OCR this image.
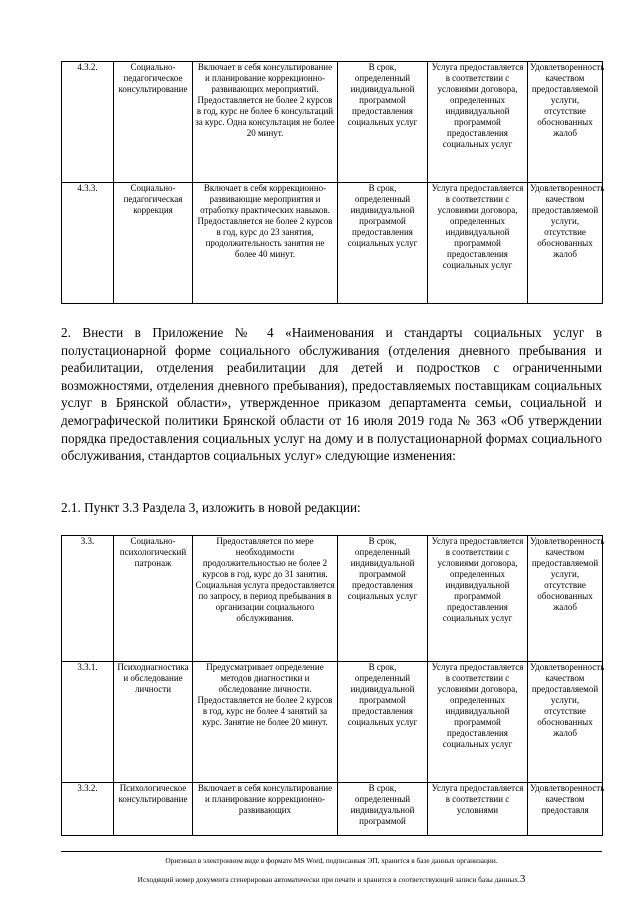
4.3.2.	Социально-педагогическое консультирование	Включает в себя консультирование и планирование коррекционно-развивающих мероприятий. Предоставляется не более 2 курсов в год, курс не более 6 консультаций за курс. Одна консультация не более 20 минут.	В срок, определенный индивидуальной программой предоставления социальных услуг	Услуга предоставляется в соответствии с условиями договора, определенных индивидуальной программой предоставления социальных услуг	Удовлетворенность качеством предоставляемой услуги, отсутствие обоснованных жалоб
4.3.3.	Социально-педагогическая коррекция	Включает в себя коррекционно-развивающие мероприятия и отработку практических навыков. Предоставляется не более 2 курсов в год, курс до 23 занятия, продолжительность занятия не более 40 минут.	В срок, определенный индивидуальной программой предоставления социальных услуг	Услуга предоставляется в соответствии с условиями договора, определенных индивидуальной программой предоставления социальных услуг	Удовлетворенность качеством предоставляемой услуги, отсутствие обоснованных жалоб

2. Внести в Приложение № 4 «Наименования и стандарты социальных услуг в полустационарной форме социального обслуживания (отделения дневного пребывания и реабилитации, отделения реабилитации для детей и подростков с ограниченными возможностями, отделения дневного пребывания), предоставляемых поставщикам социальных услуг в Брянской области», утвержденное приказом департамента семьи, социальной и демографической политики Брянской области от 16 июля 2019 года № 363 «Об утверждении порядка предоставления социальных услуг на дому и в полустационарной формах социального обслуживания, стандартов социальных услуг» следующие изменения:

2.1. Пункт 3.3 Раздела 3, изложить в новой редакции:

3.3.	Социально-психологический патронаж	Предоставляется по мере необходимости продолжительностью не более 2 курсов в год, курс до 31 занятия. Социальная услуга предоставляется по запросу, в период пребывания в организации социального обслуживания.	В срок, определенный индивидуальной программой предоставления социальных услуг	Услуга предоставляется в соответствии с условиями договора, определенных индивидуальной программой предоставления социальных услуг	Удовлетворенность качеством предоставляемой услуги, отсутствие обоснованных жалоб
3.3.1.	Психодиагностика и обследование личности	Предусматривает определение методов диагностики и обследование личности. Предоставляется не более 2 курсов в год, курс не более 4 занятий за курс. Занятие не более 20 минут.	В срок, определенный индивидуальной программой предоставления социальных услуг	Услуга предоставляется в соответствии с условиями договора, определенных индивидуальной программой предоставления социальных услуг	Удовлетворенность качеством предоставляемой услуги, отсутствие обоснованных жалоб
3.3.2.	Психологическое консультирование	Включает в себя консультирование и планирование коррекционно-развивающих	В срок, определенный индивидуальной программой	Услуга предоставляется в соответствии с условиями	Удовлетворенность качеством предоставля

Оригинал в электронном виде в формате MS Word, подписанная ЭП, хранится в базе данных организации.

Исходящий номер документа сгенерирован автоматически при печати и хранится в соответствующей записи базы данных.3
